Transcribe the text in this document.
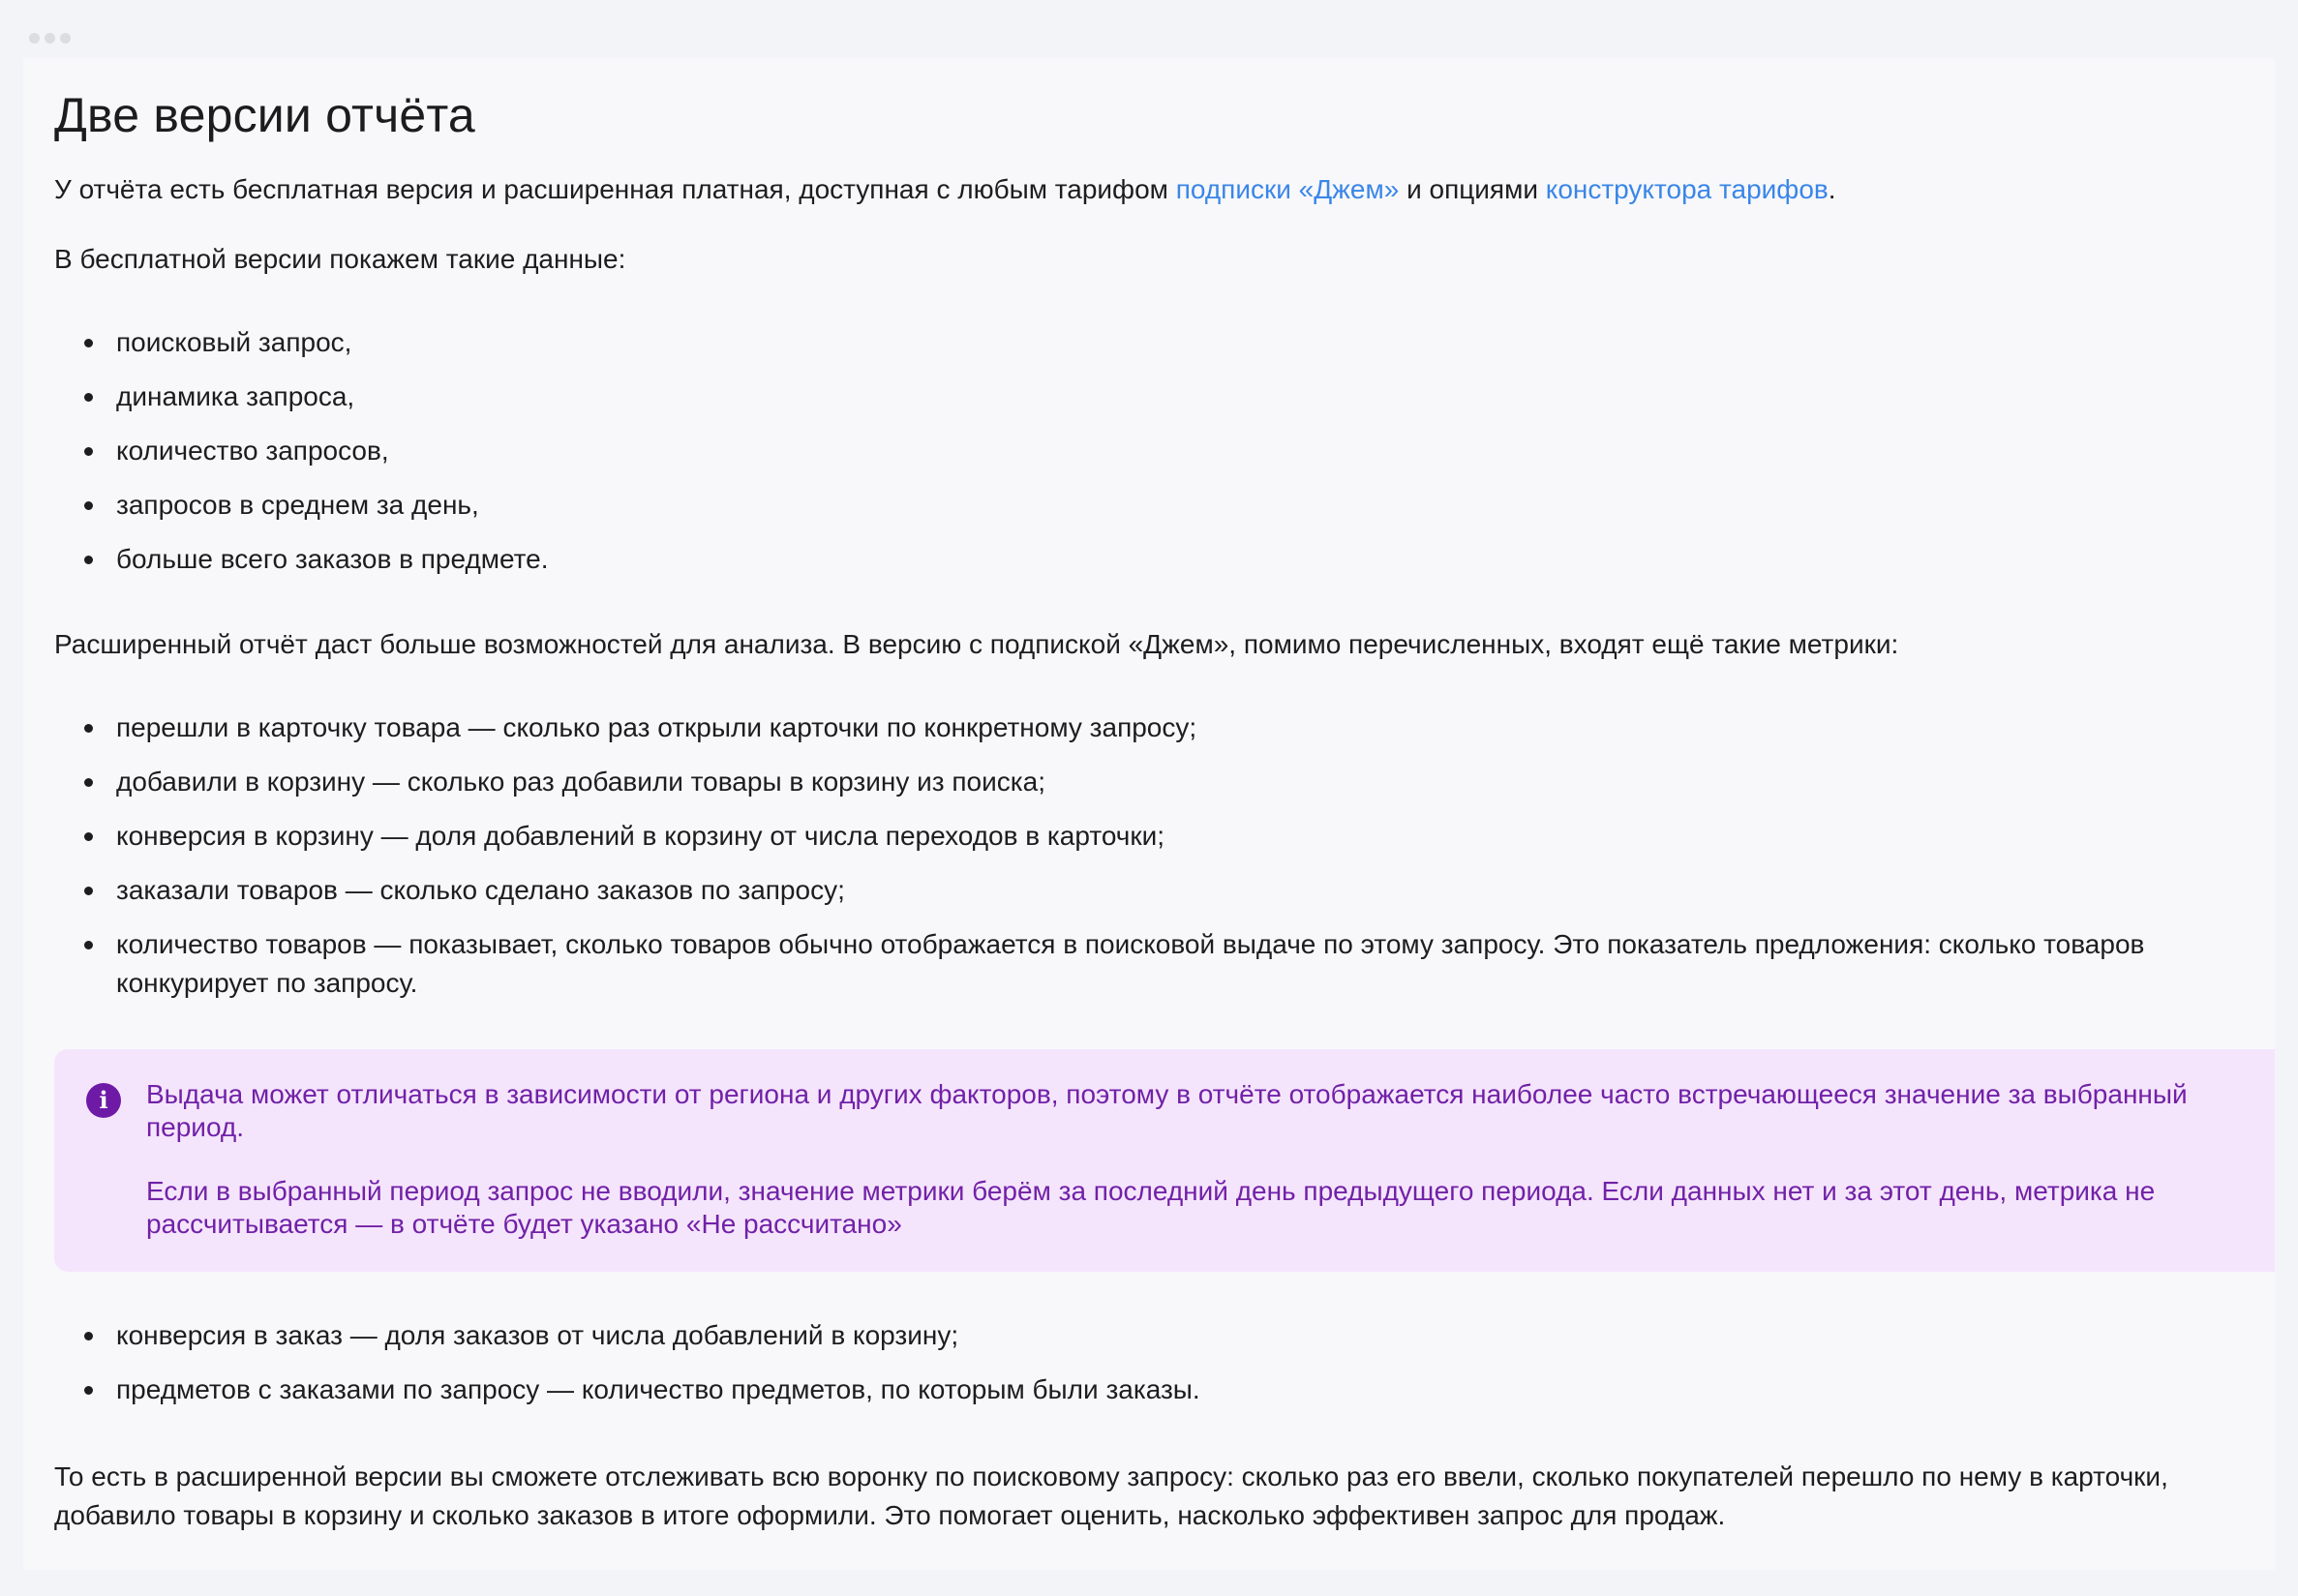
Две версии отчёта

У отчёта есть бесплатная версия и расширенная платная, доступная с любым тарифом подписки «Джем» и опциями конструктора тарифов.

В бесплатной версии покажем такие данные:

поисковый запрос,
динамика запроса,
количество запросов,
запросов в среднем за день,
больше всего заказов в предмете.

Расширенный отчёт даст больше возможностей для анализа. В версию с подпиской «Джем», помимо перечисленных, входят ещё такие метрики:

перешли в карточку товара — сколько раз открыли карточки по конкретному запросу;
добавили в корзину — сколько раз добавили товары в корзину из поиска;
конверсия в корзину — доля добавлений в корзину от числа переходов в карточки;
заказали товаров — сколько сделано заказов по запросу;
количество товаров — показывает, сколько товаров обычно отображается в поисковой выдаче по этому запросу. Это показатель предложения: сколько товаров конкурирует по запросу.
i	Выдача может отличаться в зависимости от региона и других факторов, поэтому в отчёте отображается наиболее часто встречающееся значение за выбранный период.

Если в выбранный период запрос не вводили, значение метрики берём за последний день предыдущего периода. Если данных нет и за этот день, метрика не рассчитывается — в отчёте будет указано «Не рассчитано»

конверсия в заказ — доля заказов от числа добавлений в корзину;
предметов с заказами по запросу — количество предметов, по которым были заказы.

То есть в расширенной версии вы сможете отслеживать всю воронку по поисковому запросу: сколько раз его ввели, сколько покупателей перешло по нему в карточки, добавило товары в корзину и сколько заказов в итоге оформили. Это помогает оценить, насколько эффективен запрос для продаж.
